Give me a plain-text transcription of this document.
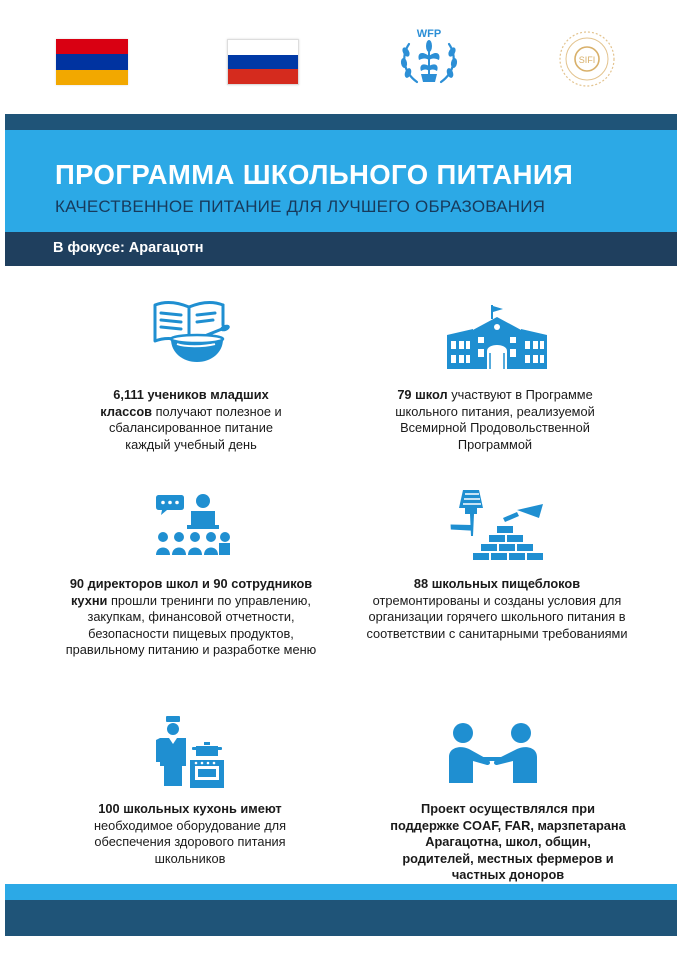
WFP
SIFI
ПРОГРАММА ШКОЛЬНОГО ПИТАНИЯ
КАЧЕСТВЕННОЕ ПИТАНИЕ ДЛЯ ЛУЧШЕГО ОБРАЗОВАНИЯ
В фокусе: Арагацотн
6,111 учеников младших классов получают полезное и сбалансированное питание каждый учебный день
79 школ участвуют в Программе школьного питания, реализуемой Всемирной Продовольственной Программой
90 директоров школ и 90 сотрудников кухни прошли тренинги по управлению, закупкам, финансовой отчетности, безопасности пищевых продуктов, правильному питанию и разработке меню
88 школьных пищеблоков отремонтированы и созданы условия для организации горячего школьного питания в соответствии с санитарными требованиями
100 школьных кухонь имеют необходимое оборудование для обеспечения здорового питания школьников
Проект осуществлялся при поддержке COAF, FAR, марзпетарана Арагацотна, школ, общин, родителей, местных фермеров и частных доноров
